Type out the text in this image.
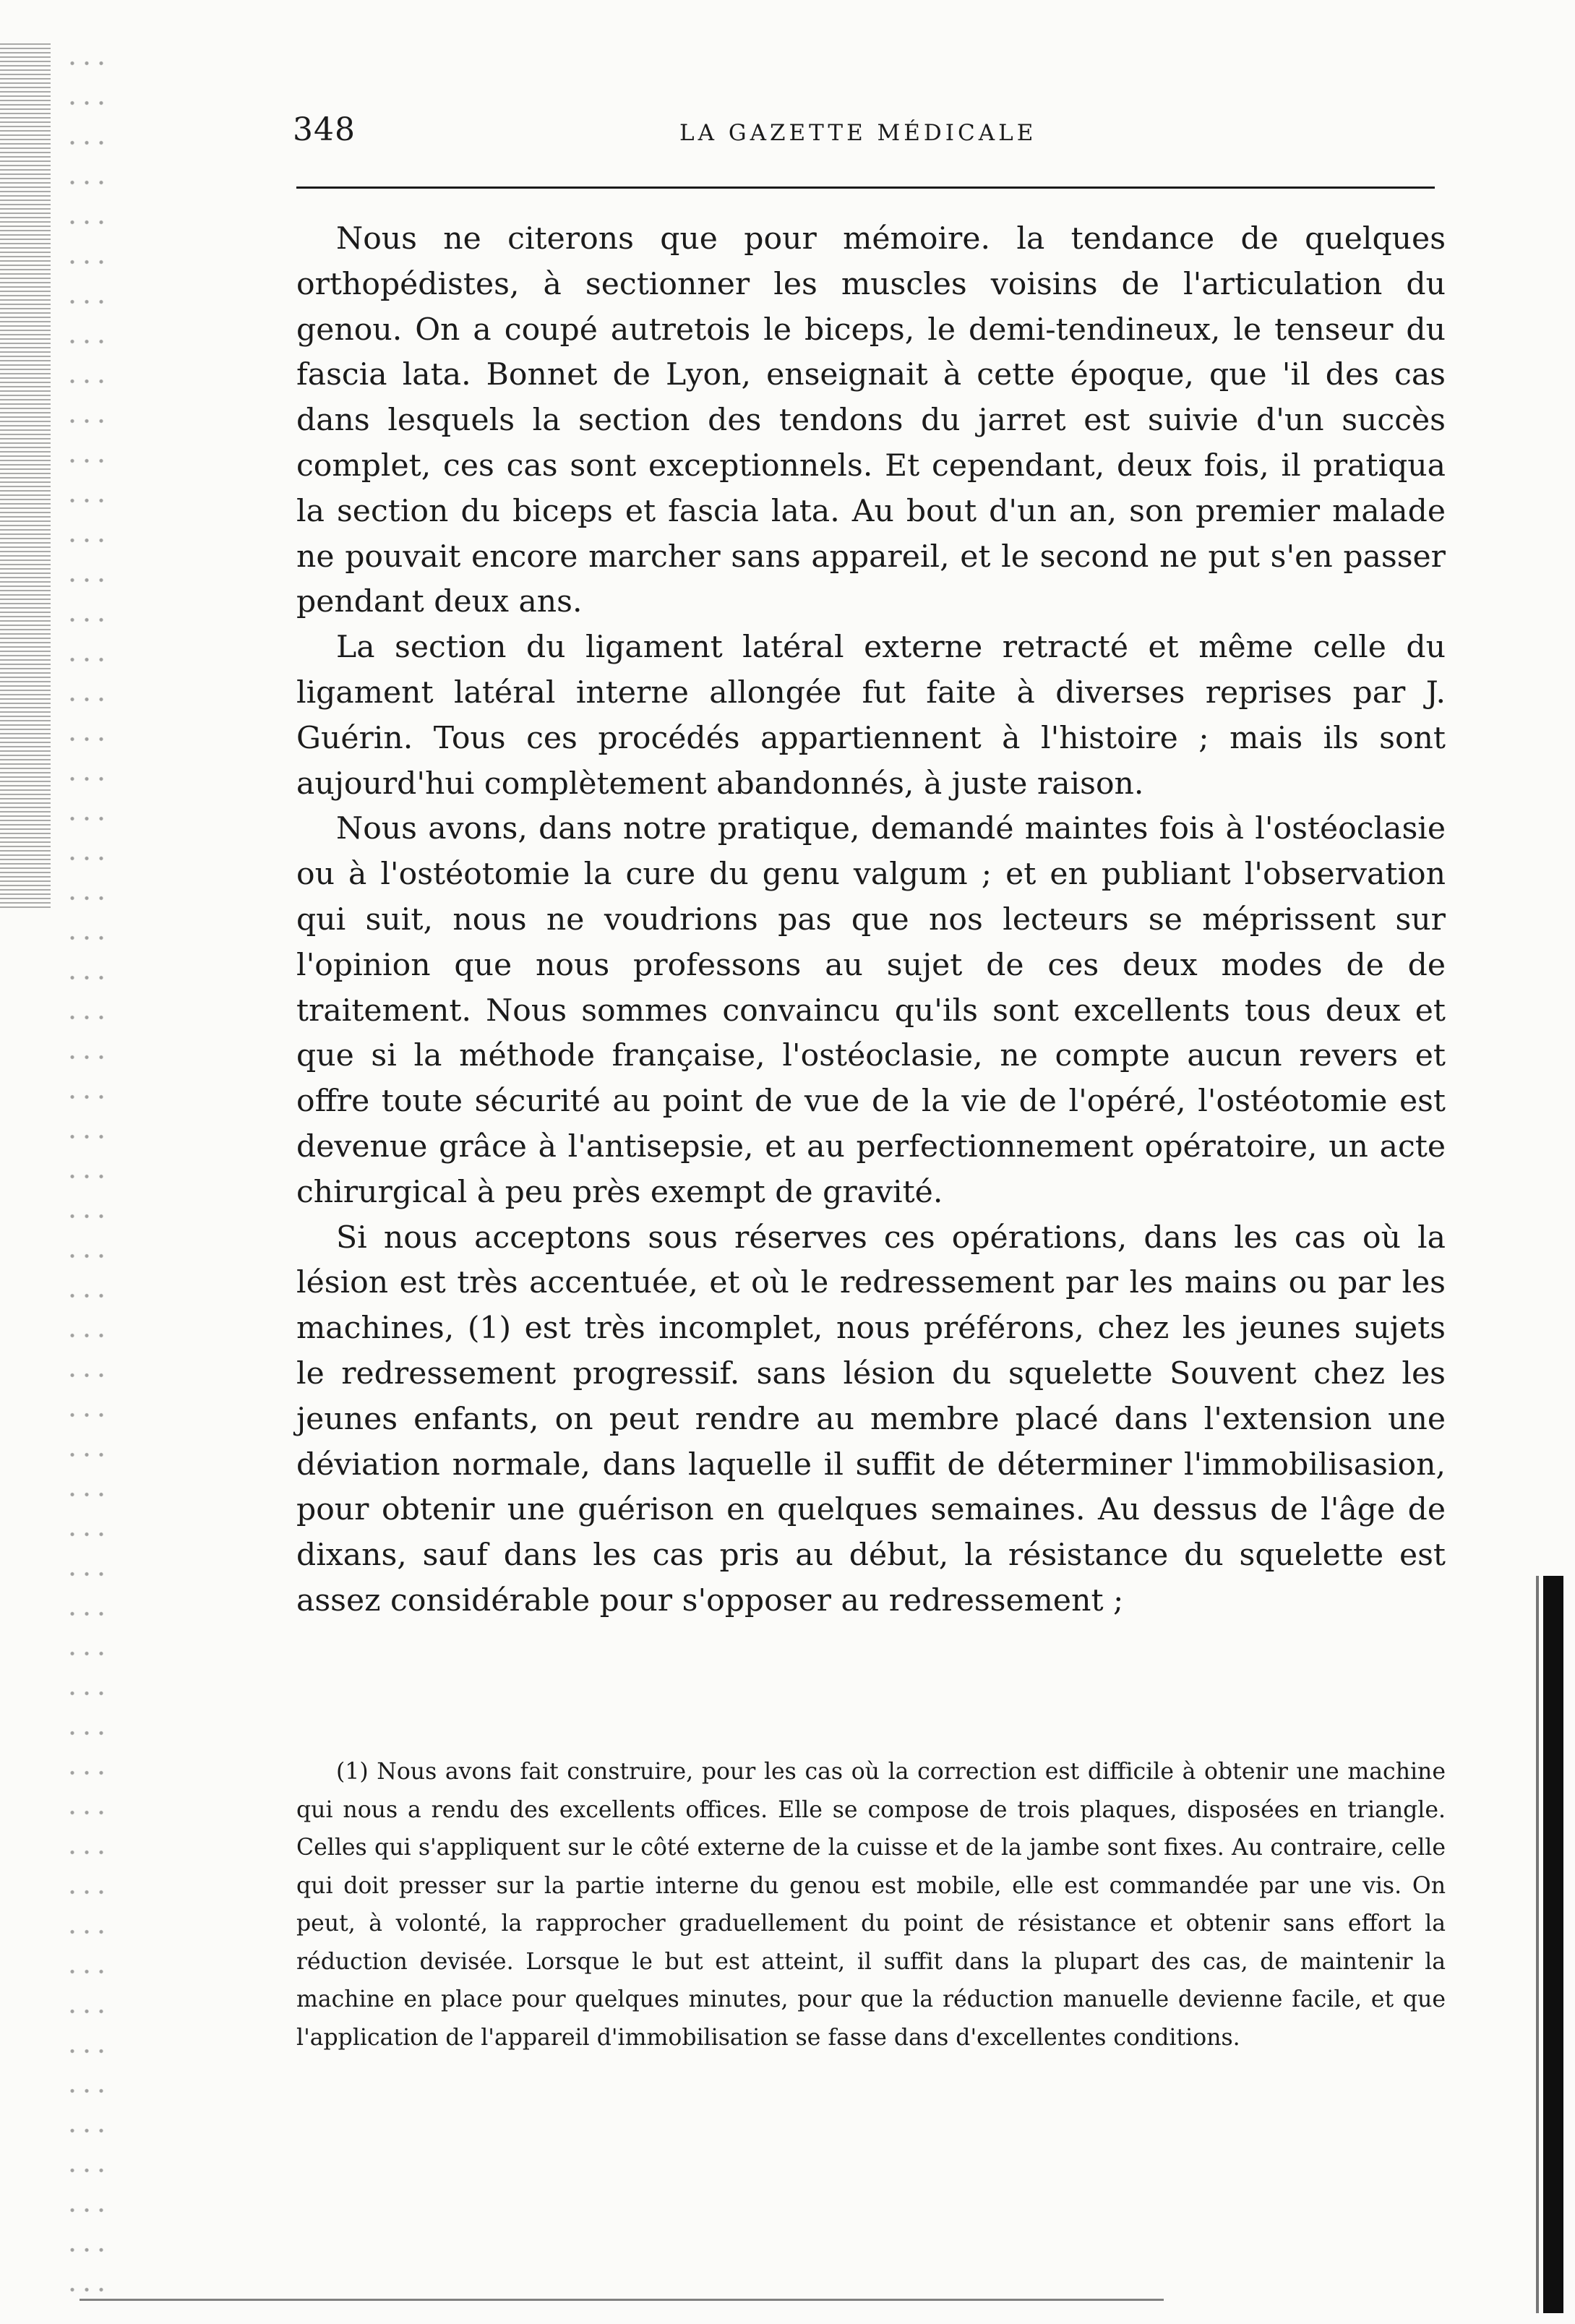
348	LA GAZETTE MÉDICALE

Nous ne citerons que pour mémoire. la tendance de quelques orthopédistes, à sectionner les muscles voisins de l'articulation du genou. On a coupé autretois le biceps, le demi-tendineux, le tenseur du fascia lata. Bonnet de Lyon, enseignait à cette époque, que 'il des cas dans lesquels la section des tendons du jarret est suivie d'un succès complet, ces cas sont exceptionnels. Et cependant, deux fois, il pratiqua la section du biceps et fascia lata. Au bout d'un an, son premier malade ne pouvait encore marcher sans appareil, et le second ne put s'en passer pendant deux ans.

La section du ligament latéral externe retracté et même celle du ligament latéral interne allongée fut faite à diverses reprises par J. Guérin. Tous ces procédés appartiennent à l'histoire ; mais ils sont aujourd'hui complètement abandonnés, à juste raison.

Nous avons, dans notre pratique, demandé maintes fois à l'ostéoclasie ou à l'ostéotomie la cure du genu valgum ; et en publiant l'observation qui suit, nous ne voudrions pas que nos lecteurs se méprissent sur l'opinion que nous professons au sujet de ces deux modes de de traitement. Nous sommes convaincu qu'ils sont excellents tous deux et que si la méthode française, l'ostéoclasie, ne compte aucun revers et offre toute sécurité au point de vue de la vie de l'opéré, l'ostéotomie est devenue grâce à l'antisepsie, et au perfectionnement opératoire, un acte chirurgical à peu près exempt de gravité.

Si nous acceptons sous réserves ces opérations, dans les cas où la lésion est très accentuée, et où le redressement par les mains ou par les machines, (1) est très incomplet, nous préférons, chez les jeunes sujets le redressement progressif. sans lésion du squelette Souvent chez les jeunes enfants, on peut rendre au membre placé dans l'extension une déviation normale, dans laquelle il suffit de déterminer l'immobilisasion, pour obtenir une guérison en quelques semaines. Au dessus de l'âge de dixans, sauf dans les cas pris au début, la résistance du squelette est assez considérable pour s'opposer au redressement ;

(1) Nous avons fait construire, pour les cas où la correction est difficile à obtenir une machine qui nous a rendu des excellents offices. Elle se compose de trois plaques, disposées en triangle. Celles qui s'appliquent sur le côté externe de la cuisse et de la jambe sont fixes. Au contraire, celle qui doit presser sur la partie interne du genou est mobile, elle est commandée par une vis. On peut, à volonté, la rapprocher graduellement du point de résistance et obtenir sans effort la réduction devisée. Lorsque le but est atteint, il suffit dans la plupart des cas, de maintenir la machine en place pour quelques minutes, pour que la réduction manuelle devienne facile, et que l'application de l'appareil d'immobilisation se fasse dans d'excellentes conditions.
